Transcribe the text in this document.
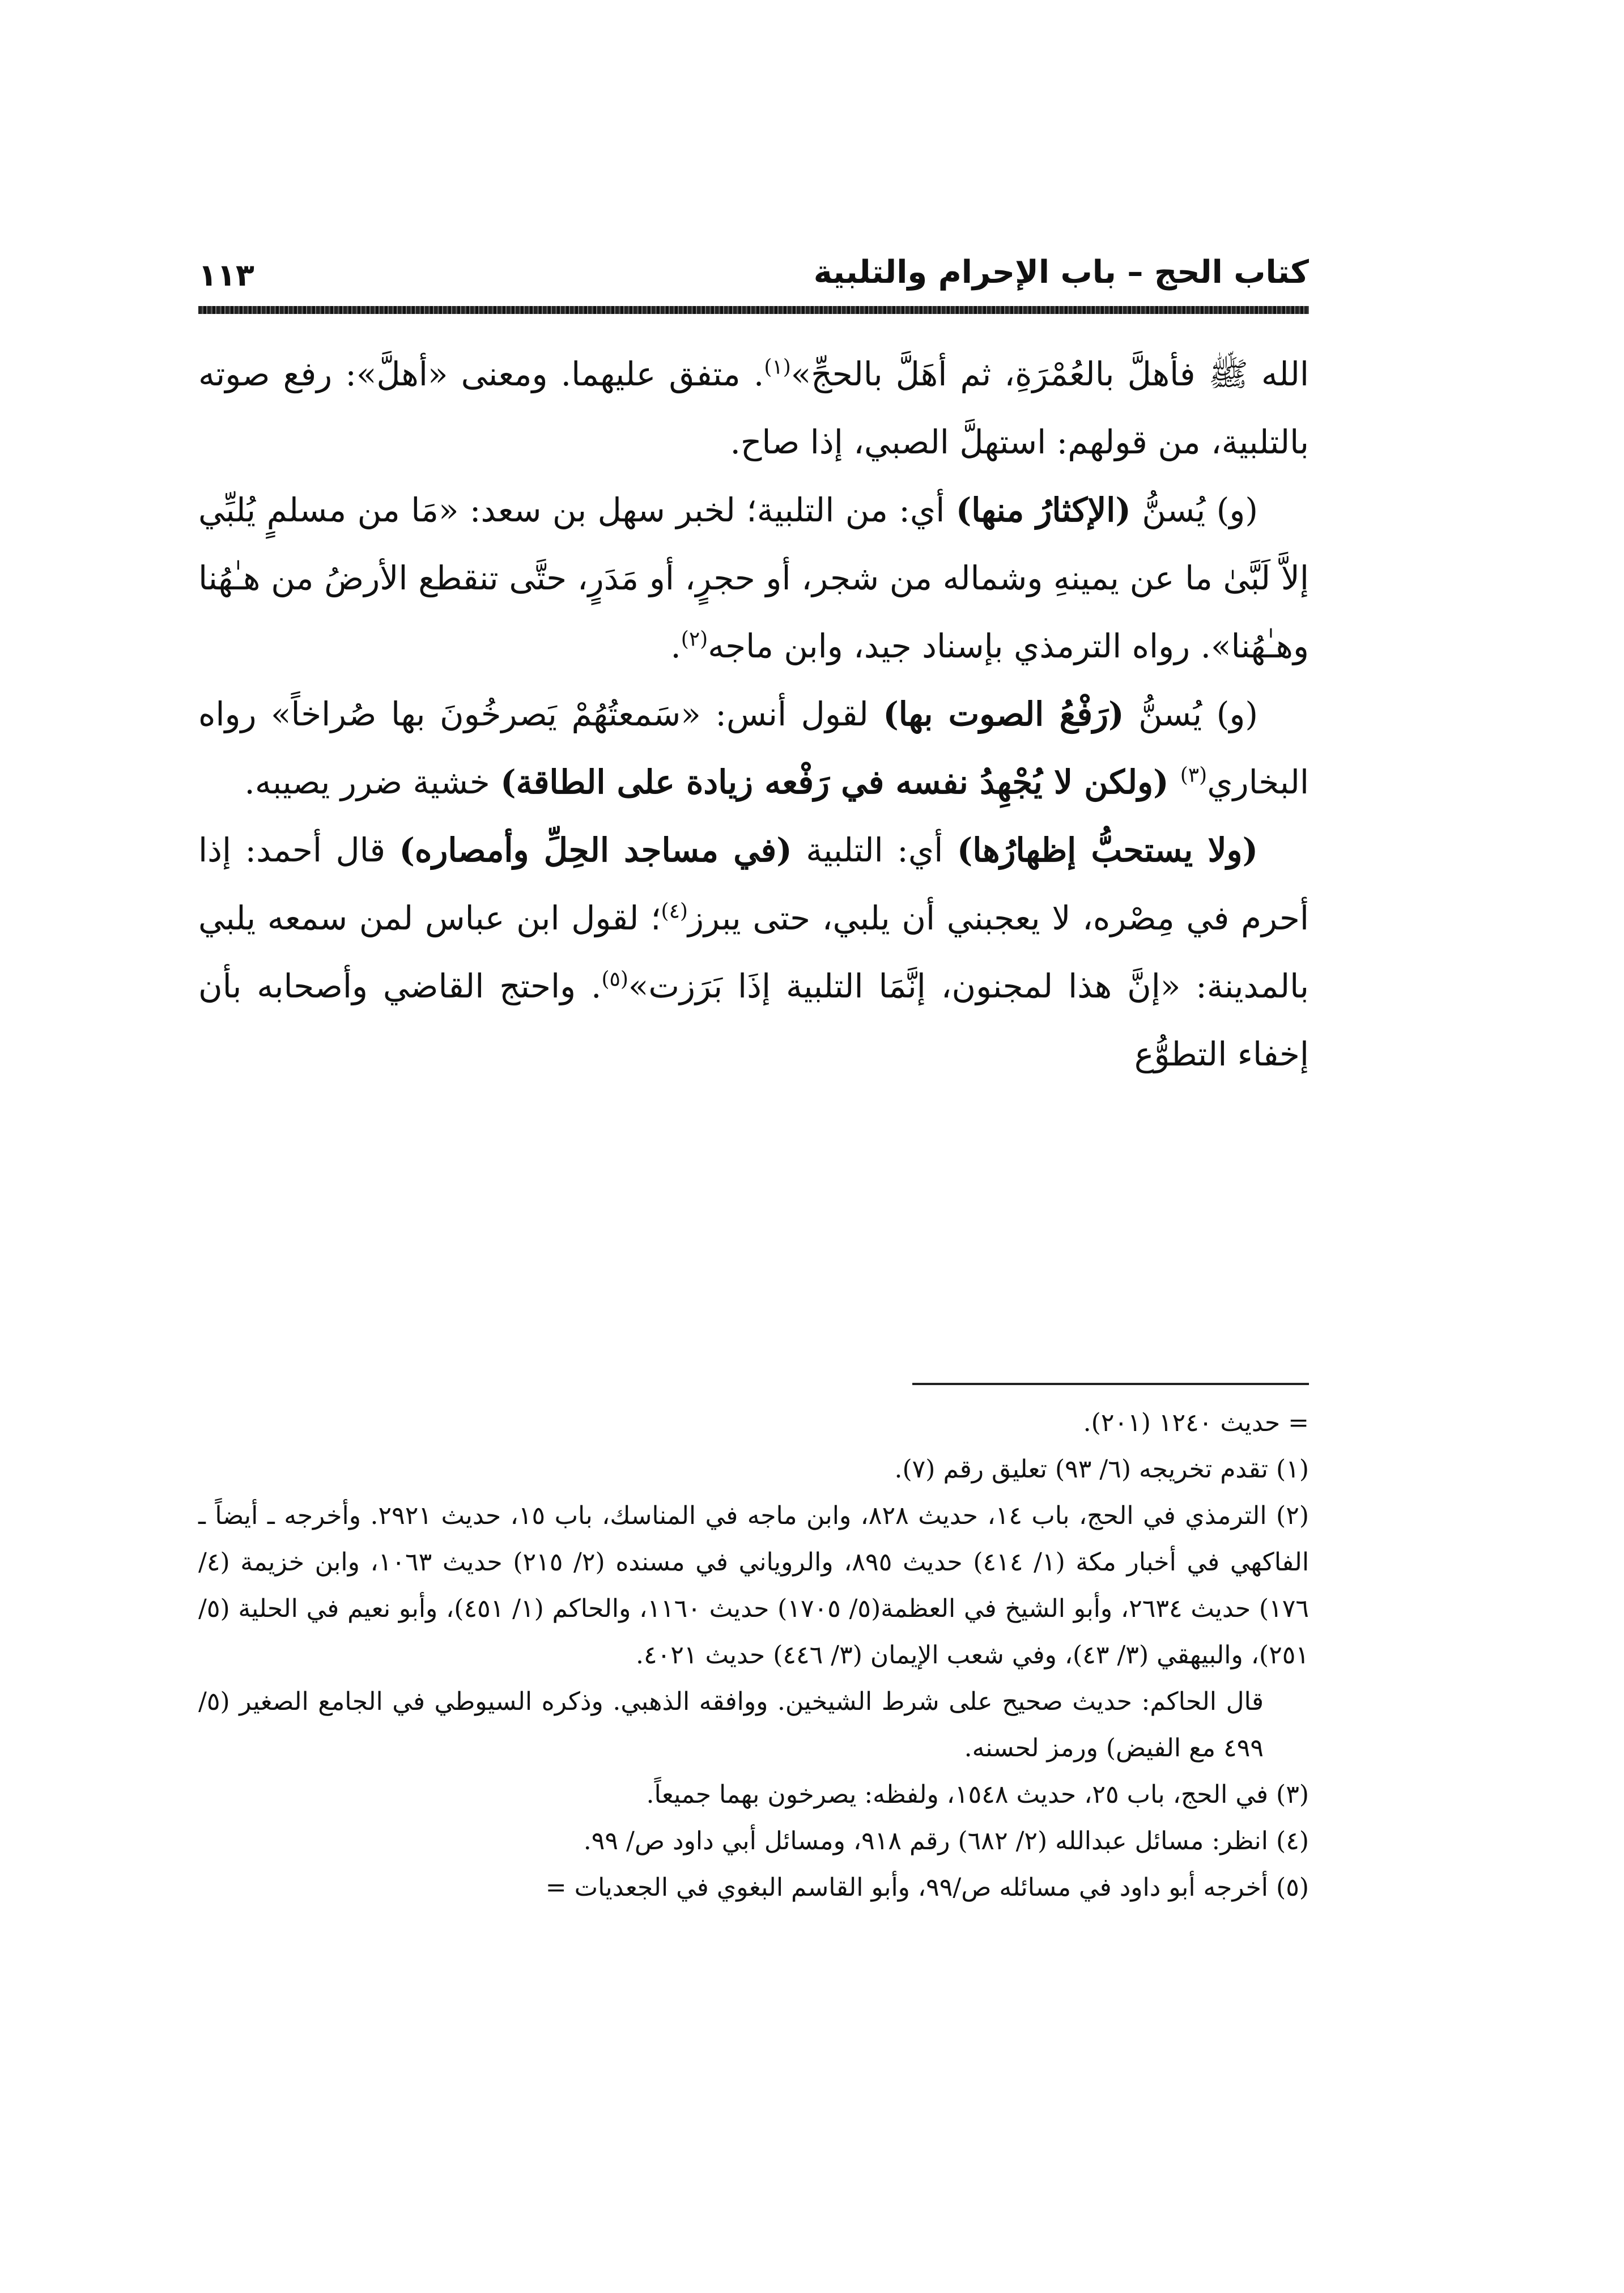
كتاب الحج – باب الإحرام والتلبية
١١٣

الله ﷺ فأهلَّ بالعُمْرَةِ، ثم أهَلَّ بالحجِّ»$^{(١)}$. متفق عليهما. ومعنى «أهلَّ»: رفع صوته بالتلبية، من قولهم: استهلَّ الصبي، إذا صاح.

(و) يُسنُّ (الإكثارُ منها) أي: من التلبية؛ لخبر سهل بن سعد: «مَا من مسلمٍ يُلبِّي إلاَّ لَبَّىٰ ما عن يمينهِ وشماله من شجر، أو حجرٍ، أو مَدَرٍ، حتَّى تنقطع الأرضُ من هـٰهُنا وهـٰهُنا». رواه الترمذي بإسناد جيد، وابن ماجه$^{(٢)}$.

(و) يُسنُّ (رَفْعُ الصوت بها) لقول أنس: «سَمعتُهُمْ يَصرخُونَ بها صُراخاً» رواه البخاري$^{(٣)}$ (ولكن لا يُجْهِدُ نفسه في رَفْعه زيادة على الطاقة) خشية ضرر يصيبه.

(ولا يستحبُّ إظهارُها) أي: التلبية (في مساجد الحِلِّ وأمصاره) قال أحمد: إذا أحرم في مِصْره، لا يعجبني أن يلبي، حتى يبرز$^{(٤)}$؛ لقول ابن عباس لمن سمعه يلبي بالمدينة: «إنَّ هذا لمجنون، إنَّمَا التلبية إذَا بَرَزت»$^{(٥)}$. واحتج القاضي وأصحابه بأن إخفاء التطوُّع

= حديث ١٢٤٠ (٢٠١).

(١) تقدم تخريجه (٦/ ٩٣) تعليق رقم (٧).

(٢) الترمذي في الحج، باب ١٤، حديث ٨٢٨، وابن ماجه في المناسك، باب ١٥، حديث ٢٩٢١. وأخرجه ـ أيضاً ـ الفاكهي في أخبار مكة (١/ ٤١٤) حديث ٨٩٥، والروياني في مسنده (٢/ ٢١٥) حديث ١٠٦٣، وابن خزيمة (٤/ ١٧٦) حديث ٢٦٣٤، وأبو الشيخ في العظمة(٥/ ١٧٠٥) حديث ١١٦٠، والحاكم (١/ ٤٥١)، وأبو نعيم في الحلية (٥/ ٢٥١)، والبيهقي (٣/ ٤٣)، وفي شعب الإيمان (٣/ ٤٤٦) حديث ٤٠٢١.

قال الحاكم: حديث صحيح على شرط الشيخين. ووافقه الذهبي. وذكره السيوطي في الجامع الصغير (٥/ ٤٩٩ مع الفيض) ورمز لحسنه.

(٣) في الحج، باب ٢٥، حديث ١٥٤٨، ولفظه: يصرخون بهما جميعاً.

(٤) انظر: مسائل عبدالله (٢/ ٦٨٢) رقم ٩١٨، ومسائل أبي داود ص/ ٩٩.

(٥) أخرجه أبو داود في مسائله ص/٩٩، وأبو القاسم البغوي في الجعديات =
